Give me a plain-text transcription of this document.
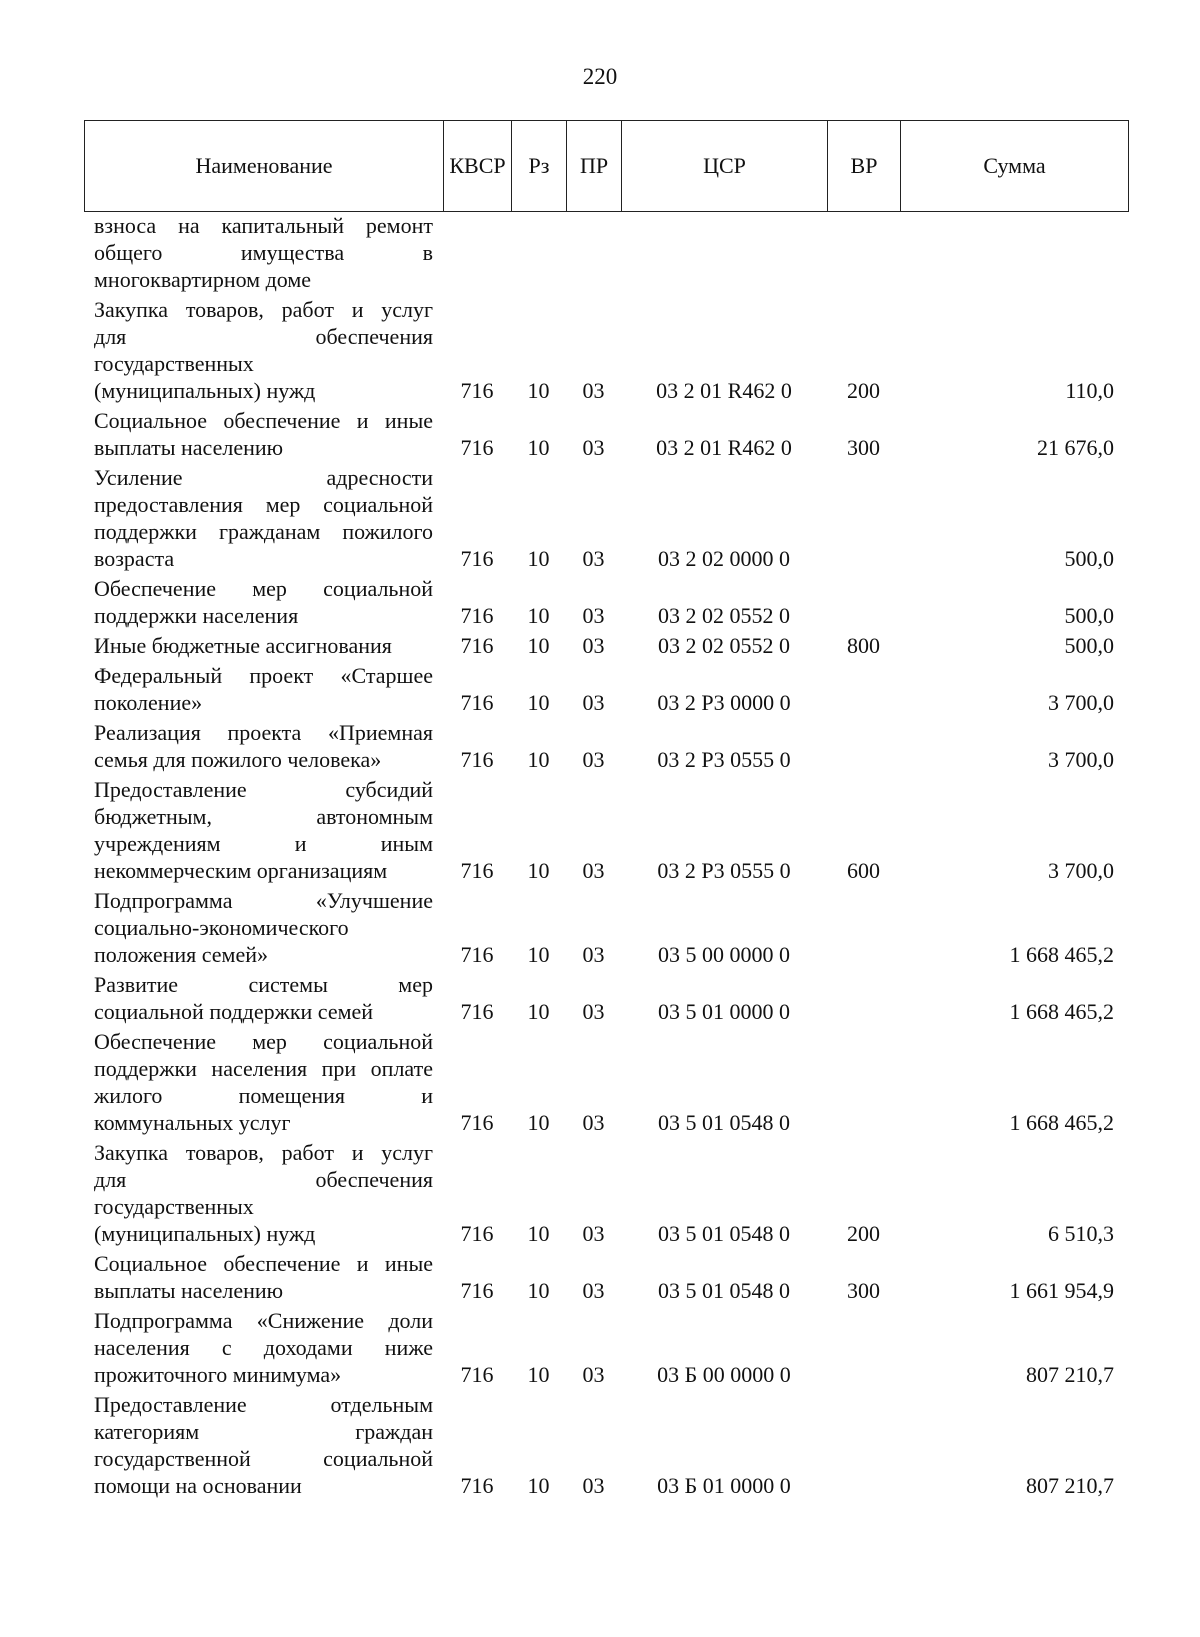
220
Наименование	КВСР	Рз	ПР	ЦСР	ВР	Сумма
взноса на капитальный ремонт
общего имущества в
многоквартирном доме						

Закупка товаров, работ и услуг
для обеспечения
государственных
(муниципальных) нужд	716	10	03	03 2 01 R462 0	200	110,0

Социальное обеспечение и иные
выплаты населению	716	10	03	03 2 01 R462 0	300	21 676,0

Усиление адресности
предоставления мер социальной
поддержки гражданам пожилого
возраста	716	10	03	03 2 02 0000 0		500,0

Обеспечение мер социальной
поддержки населения	716	10	03	03 2 02 0552 0		500,0

Иные бюджетные ассигнования	716	10	03	03 2 02 0552 0	800	500,0

Федеральный проект «Старшее
поколение»	716	10	03	03 2 P3 0000 0		3 700,0

Реализация проекта «Приемная
семья для пожилого человека»	716	10	03	03 2 P3 0555 0		3 700,0

Предоставление субсидий
бюджетным, автономным
учреждениям и иным
некоммерческим организациям	716	10	03	03 2 P3 0555 0	600	3 700,0

Подпрограмма «Улучшение
социально-экономического
положения семей»	716	10	03	03 5 00 0000 0		1 668 465,2

Развитие системы мер
социальной поддержки семей	716	10	03	03 5 01 0000 0		1 668 465,2

Обеспечение мер социальной
поддержки населения при оплате
жилого помещения и
коммунальных услуг	716	10	03	03 5 01 0548 0		1 668 465,2

Закупка товаров, работ и услуг
для обеспечения
государственных
(муниципальных) нужд	716	10	03	03 5 01 0548 0	200	6 510,3

Социальное обеспечение и иные
выплаты населению	716	10	03	03 5 01 0548 0	300	1 661 954,9

Подпрограмма «Снижение доли
населения с доходами ниже
прожиточного минимума»	716	10	03	03 Б 00 0000 0		807 210,7

Предоставление отдельным
категориям граждан
государственной социальной
помощи на основании	716	10	03	03 Б 01 0000 0		807 210,7
